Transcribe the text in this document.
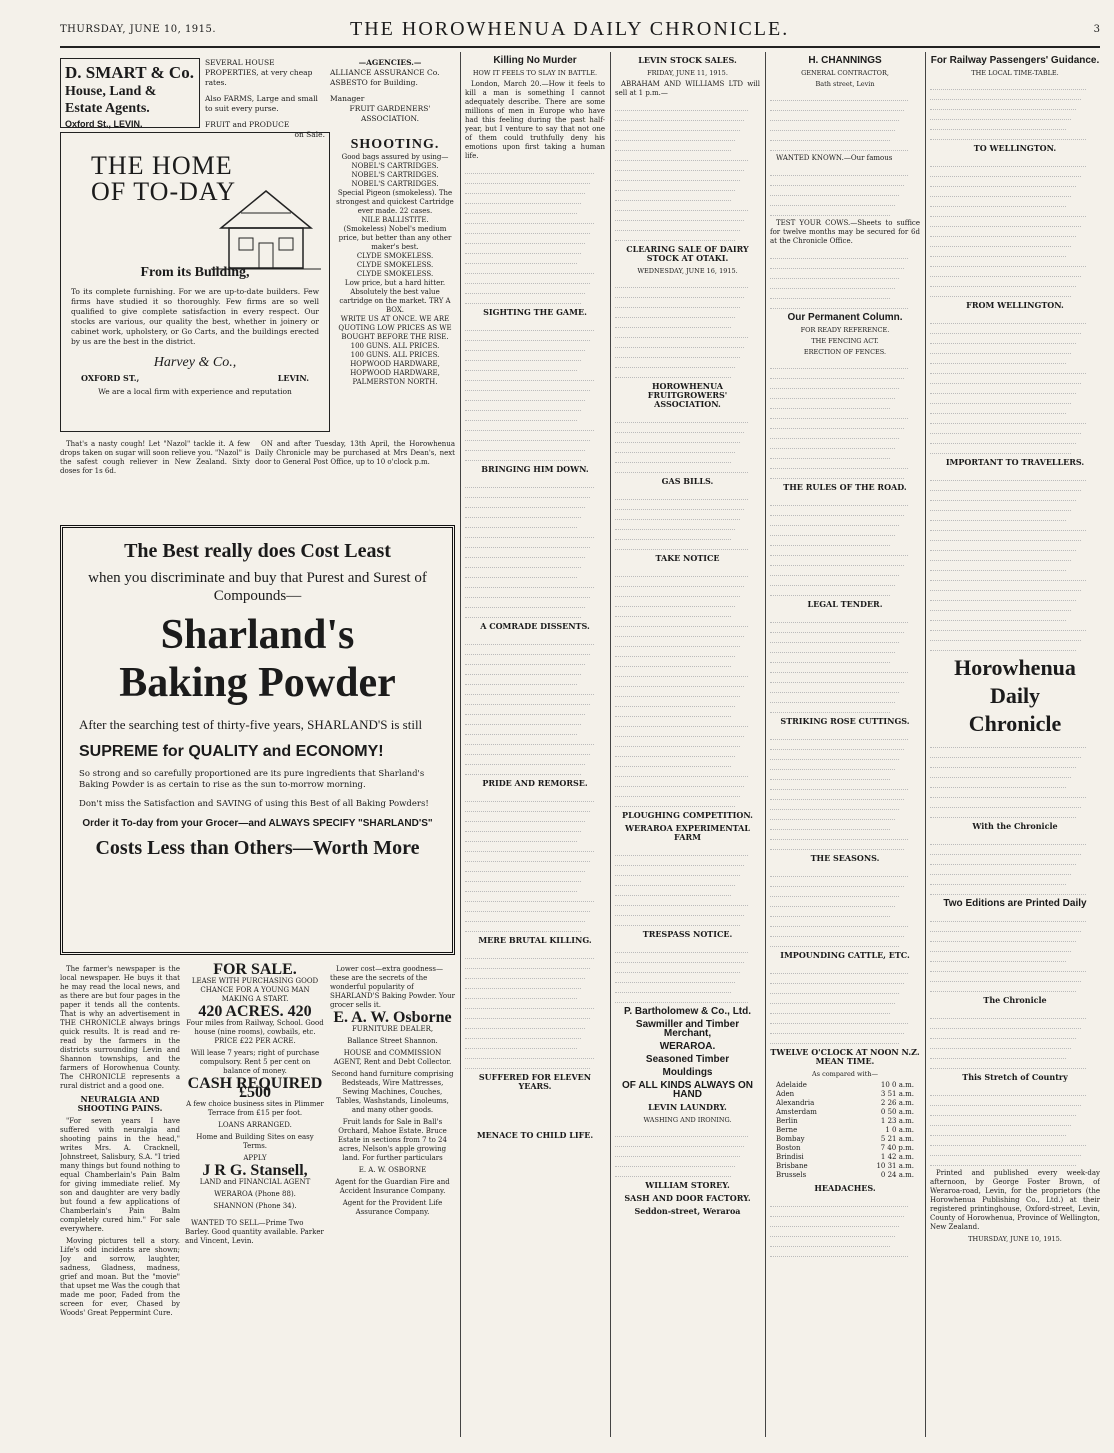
THURSDAY, JUNE 10, 1915.	THE HOROWHENUA DAILY CHRONICLE.	3
D. SMART & Co.
House, Land &
Estate Agents.
Oxford St., LEVIN.
SEVERAL HOUSE PROPERTIES, at very cheap rates.
Also FARMS, Large and small to suit every purse.
FRUIT and PRODUCE
on Sale.
—AGENCIES.—
ALLIANCE ASSURANCE Co.
ASBESTO for Building.
Manager
FRUIT GARDENERS' ASSOCIATION.
THE HOME
OF TO-DAY
From its Building,
To its complete furnishing. For we are up-to-date builders. Few firms have studied it so thoroughly. Few firms are so well qualified to give complete satisfaction in every respect. Our stocks are various, our quality the best, whether in joinery or cabinet work, upholstery, or Go Carts, and the buildings erected by us are the best in the district.
Harvey & Co.,
OXFORD ST.,	LEVIN.
We are a local firm with experience and reputation
SHOOTING.
Good bags assured by using—
NOBEL'S CARTRIDGES.
NOBEL'S CARTRIDGES.
NOBEL'S CARTRIDGES.
Special Pigeon (smokeless). The strongest and quickest Cartridge ever made. 22 cases.
NILE BALLISTITE.
(Smokeless) Nobel's medium price, but better than any other maker's best.
CLYDE SMOKELESS.
CLYDE SMOKELESS.
CLYDE SMOKELESS.
Low price, but a hard hitter. Absolutely the best value cartridge on the market. TRY A BOX.
WRITE US AT ONCE. WE ARE QUOTING LOW PRICES AS WE BOUGHT BEFORE THE RISE.
100 GUNS. ALL PRICES.
100 GUNS. ALL PRICES.
HOPWOOD HARDWARE,
HOPWOOD HARDWARE,
PALMERSTON NORTH.
That's a nasty cough! Let "Nazol" tackle it. A few drops taken on sugar will soon relieve you. "Nazol" is the safest cough reliever in New Zealand. Sixty doses for 1s 6d.
ON and after Tuesday, 13th April, the Horowhenua Daily Chronicle may be purchased at Mrs Dean's, next door to General Post Office, up to 10 o'clock p.m.
The Best really does Cost Least
when you discriminate and buy that Purest and Surest of Compounds—
Sharland's
Baking Powder
After the searching test of thirty-five years, SHARLAND'S is still
SUPREME for QUALITY and ECONOMY!
So strong and so carefully proportioned are its pure ingredients that Sharland's Baking Powder is as certain to rise as the sun to-morrow morning.
Don't miss the Satisfaction and SAVING of using this Best of all Baking Powders!
Order it To-day from your Grocer—and ALWAYS SPECIFY "SHARLAND'S"
Costs Less than Others—Worth More
The farmer's newspaper is the local newspaper. He buys it that he may read the local news, and as there are but four pages in the paper it tends all the contents. That is why an advertisement in THE CHRONICLE always brings quick results. It is read and re-read by the farmers in the districts surrounding Levin and Shannon townships, and the farmers of Horowhenua County. The CHRONICLE represents a rural district and a good one.
NEURALGIA AND SHOOTING PAINS.
"For seven years I have suffered with neuralgia and shooting pains in the head," writes Mrs. A. Cracknell, Johnstreet, Salisbury, S.A. "I tried many things but found nothing to equal Chamberlain's Pain Balm for giving immediate relief. My son and daughter are very badly but found a few applications of Chamberlain's Pain Balm completely cured him." For sale everywhere.
Moving pictures tell a story. Life's odd incidents are shown; Joy and sorrow, laughter, sadness, Gladness, madness, grief and moan. But the "movie" that upset me Was the cough that made me poor, Faded from the screen for ever, Chased by Woods' Great Peppermint Cure.
FOR SALE.
LEASE WITH PURCHASING GOOD CHANCE FOR A YOUNG MAN MAKING A START.
420 ACRES. 420
Four miles from Railway, School. Good house (nine rooms), cowbails, etc. PRICE £22 PER ACRE.
Will lease 7 years; right of purchase compulsory. Rent 5 per cent on balance of money.
CASH REQUIRED £500
A few choice business sites in Plimmer Terrace from £15 per foot.
LOANS ARRANGED.
Home and Building Sites on easy Terms.
APPLY
J R G. Stansell,
LAND and FINANCIAL AGENT
WERAROA (Phone 88).
SHANNON (Phone 34).
WANTED TO SELL—Prime Two Barley. Good quantity available. Parker and Vincent, Levin.
Lower cost—extra goodness—these are the secrets of the wonderful popularity of SHARLAND'S Baking Powder. Your grocer sells it.
E. A. W. Osborne
FURNITURE DEALER,
Ballance Street Shannon.
HOUSE and COMMISSION AGENT, Rent and Debt Collector.
Second hand furniture comprising Bedsteads, Wire Mattresses, Sewing Machines, Couches, Tables, Washstands, Linoleums, and many other goods.
Fruit lands for Sale in Ball's Orchard, Mahoe Estate. Bruce Estate in sections from 7 to 24 acres, Nelson's apple growing land. For further particulars
E. A. W. OSBORNE
Agent for the Guardian Fire and Accident Insurance Company.
Agent for the Provident Life Assurance Company.
Killing No Murder
HOW IT FEELS TO SLAY IN BATTLE.
London, March 20.—How it feels to kill a man is something I cannot adequately describe. There are some millions of men in Europe who have had this feeling during the past half-year, but I venture to say that not one of them could truthfully deny his emotions upon first taking a human life.
SIGHTING THE GAME.
BRINGING HIM DOWN.
A COMRADE DISSENTS.
PRIDE AND REMORSE.
MERE BRUTAL KILLING.
SUFFERED FOR ELEVEN YEARS.
MENACE TO CHILD LIFE.
LEVIN STOCK SALES.
FRIDAY, JUNE 11, 1915.
ABRAHAM AND WILLIAMS LTD will sell at 1 p.m.—
CLEARING SALE OF DAIRY STOCK AT OTAKI.
WEDNESDAY, JUNE 16, 1915.
HOROWHENUA FRUITGROWERS' ASSOCIATION.
GAS BILLS.
TAKE NOTICE
PLOUGHING COMPETITION.
WERAROA EXPERIMENTAL FARM
TRESPASS NOTICE.
P. Bartholomew & Co., Ltd.
Sawmiller and Timber Merchant,
WERAROA.
Seasoned Timber
Mouldings
OF ALL KINDS ALWAYS ON HAND
LEVIN LAUNDRY.
WASHING AND IRONING.
WILLIAM STOREY.
SASH AND DOOR FACTORY.
Seddon-street, Weraroa
H. CHANNINGS
GENERAL CONTRACTOR,
Bath street, Levin
WANTED KNOWN.—Our famous
TEST YOUR COWS.—Sheets to suffice for twelve months may be secured for 6d at the Chronicle Office.
Our Permanent Column.
FOR READY REFERENCE.
THE FENCING ACT.
ERECTION OF FENCES.
THE RULES OF THE ROAD.
LEGAL TENDER.
STRIKING ROSE CUTTINGS.
THE SEASONS.
IMPOUNDING CATTLE, ETC.
TWELVE O'CLOCK AT NOON N.Z. MEAN TIME.
As compared with—
Adelaide	10 0 a.m.
Aden	3 51 a.m.
Alexandria	2 26 a.m.
Amsterdam	0 50 a.m.
Berlin	1 23 a.m.
Berne	1 0 a.m.
Bombay	5 21 a.m.
Boston	7 40 p.m.
Brindisi	1 42 a.m.
Brisbane	10 31 a.m.
Brussels	0 24 a.m.
HEADACHES.
For Railway Passengers' Guidance.
THE LOCAL TIME-TABLE.
TO WELLINGTON.
FROM WELLINGTON.
IMPORTANT TO TRAVELLERS.
Horowhenua
Daily
Chronicle
With the Chronicle
Two Editions are Printed Daily
The Chronicle
This Stretch of Country
Printed and published every week-day afternoon, by George Foster Brown, of Weraroa-road, Levin, for the proprietors (the Horowhenua Publishing Co., Ltd.) at their registered printinghouse, Oxford-street, Levin, County of Horowhenua, Province of Wellington, New Zealand.
THURSDAY, JUNE 10, 1915.
